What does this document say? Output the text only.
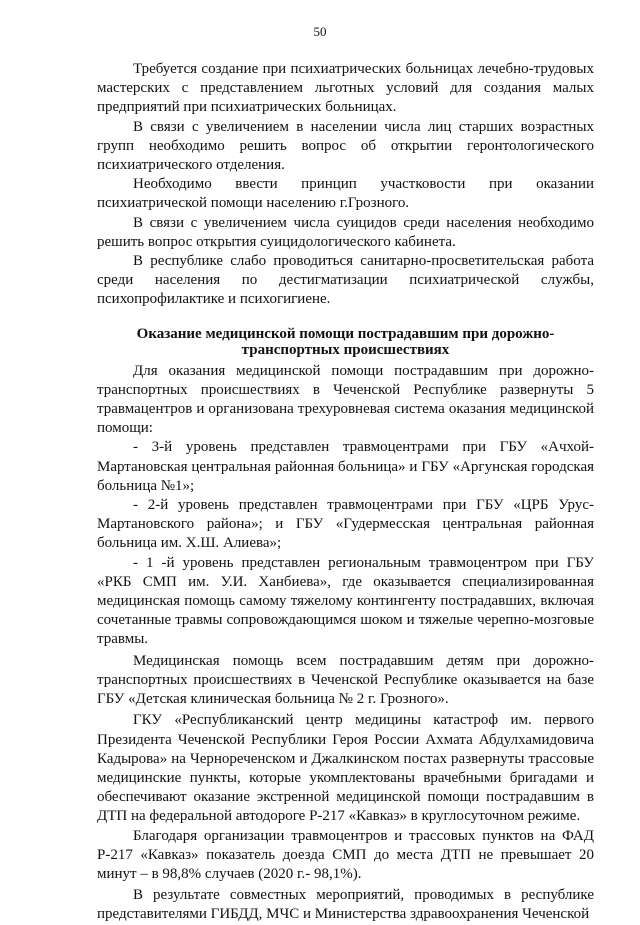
50

Требуется создание при психиатрических больницах лечебно-трудовых мастерских с представлением льготных условий для создания малых предприятий при психиатрических больницах.

В связи с увеличением в населении числа лиц старших возрастных групп необходимо решить вопрос об открытии геронтологического психиатрического отделения.

Необходимо ввести принцип участковости при оказании психиатрической помощи населению г.Грозного.

В связи с увеличением числа суицидов среди населения необходимо решить вопрос открытия суицидологического кабинета.

В республике слабо проводиться санитарно-просветительская работа среди населения по дестигматизации психиатрической службы, психопрофилактике и психогигиене.

Оказание медицинской помощи пострадавшим при дорожно-транспортных происшествиях

Для оказания медицинской помощи пострадавшим при дорожно-транспортных происшествиях в Чеченской Республике развернуты 5 травмацентров и организована трехуровневая система оказания медицинской помощи:

- 3-й уровень представлен травмоцентрами при ГБУ «Ачхой-Мартановская центральная районная больница» и ГБУ «Аргунская городская больница №1»;

- 2-й уровень представлен травмоцентрами при ГБУ «ЦРБ Урус-Мартановского района»; и ГБУ «Гудермесская центральная районная больница им. Х.Ш. Алиева»;

- 1 -й уровень представлен региональным травмоцентром при ГБУ «РКБ СМП им. У.И. Ханбиева», где оказывается специализированная медицинская помощь самому тяжелому контингенту пострадавших, включая сочетанные травмы сопровождающимся шоком и тяжелые черепно-мозговые травмы.

Медицинская помощь всем пострадавшим детям при дорожно-транспортных происшествиях в Чеченской Республике оказывается на базе ГБУ «Детская клиническая больница № 2 г. Грозного».

ГКУ «Республиканский центр медицины катастроф им. первого Президента Чеченской Республики Героя России Ахмата Абдулхамидовича Кадырова» на Чернореченском и Джалкинском постах развернуты трассовые медицинские пункты, которые укомплектованы врачебными бригадами и обеспечивают оказание экстренной медицинской помощи пострадавшим в ДТП на федеральной автодороге Р-217 «Кавказ» в круглосуточном режиме.

Благодаря организации травмоцентров и трассовых пунктов на ФАД Р-217 «Кавказ» показатель доезда СМП до места ДТП не превышает 20 минут – в 98,8% случаев (2020 г.- 98,1%).

В результате совместных мероприятий, проводимых в республике представителями ГИБДД, МЧС и Министерства здравоохранения Чеченской
